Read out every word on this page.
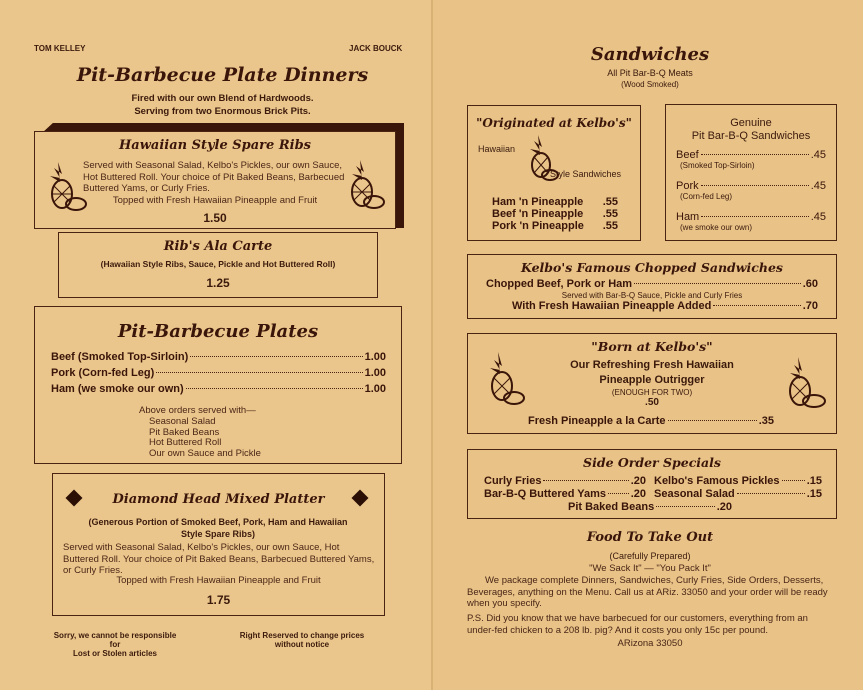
TOM KELLEY	JACK BOUCK
Pit-Barbecue Plate Dinners
Fired with our own Blend of Hardwoods.
Serving from two Enormous Brick Pits.
Hawaiian Style Spare Ribs
Served with Seasonal Salad, Kelbo's Pickles, our own Sauce, Hot Buttered Roll. Your choice of Pit Baked Beans, Barbecued Buttered Yams, or Curly Fries.
Topped with Fresh Hawaiian Pineapple and Fruit
1.50
Rib's Ala Carte
(Hawaiian Style Ribs, Sauce, Pickle and Hot Buttered Roll)
1.25
Pit-Barbecue Plates
Beef (Smoked Top-Sirloin)	1.00
Pork (Corn-fed Leg)	1.00
Ham (we smoke our own)	1.00
Above orders served with—
Seasonal Salad
Pit Baked Beans
Hot Buttered Roll
Our own Sauce and Pickle
Diamond Head Mixed Platter
(Generous Portion of Smoked Beef, Pork, Ham and Hawaiian Style Spare Ribs)
Served with Seasonal Salad, Kelbo's Pickles, our own Sauce, Hot Buttered Roll. Your choice of Pit Baked Beans, Barbecued Buttered Yams, or Curly Fries.
Topped with Fresh Hawaiian Pineapple and Fruit
1.75
Sorry, we cannot be responsible for
Lost or Stolen articles
Right Reserved to change prices
without notice
Sandwiches
All Pit Bar-B-Q Meats
(Wood Smoked)
"Originated at Kelbo's"
Hawaiian
Style Sandwiches
Ham 'n Pineapple .55
Beef 'n Pineapple .55
Pork 'n Pineapple .55
Genuine
Pit Bar-B-Q Sandwiches
Beef	.45
(Smoked Top-Sirloin)
Pork	.45
(Corn-fed Leg)
Ham	.45
(we smoke our own)
Kelbo's Famous Chopped Sandwiches
Chopped Beef, Pork or Ham	.60
Served with Bar-B-Q Sauce, Pickle and Curly Fries
With Fresh Hawaiian Pineapple Added	.70
"Born at Kelbo's"
Our Refreshing Fresh Hawaiian
Pineapple Outrigger
(ENOUGH FOR TWO)
.50
Fresh Pineapple a la Carte	.35
Side Order Specials
Curly Fries	.20 Kelbo's Famous Pickles .15
Bar-B-Q Buttered Yams .20 Seasonal Salad	.15
Pit Baked Beans	.20
Food To Take Out
(Carefully Prepared)
"We Sack It" — "You Pack It"
We package complete Dinners, Sandwiches, Curly Fries, Side Orders, Desserts, Beverages, anything on the Menu. Call us at ARiz. 33050 and your order will be ready when you specify.
P.S. Did you know that we have barbecued for our customers, everything from an under-fed chicken to a 208 lb. pig? And it costs you only 15c per pound.
ARizona 33050
